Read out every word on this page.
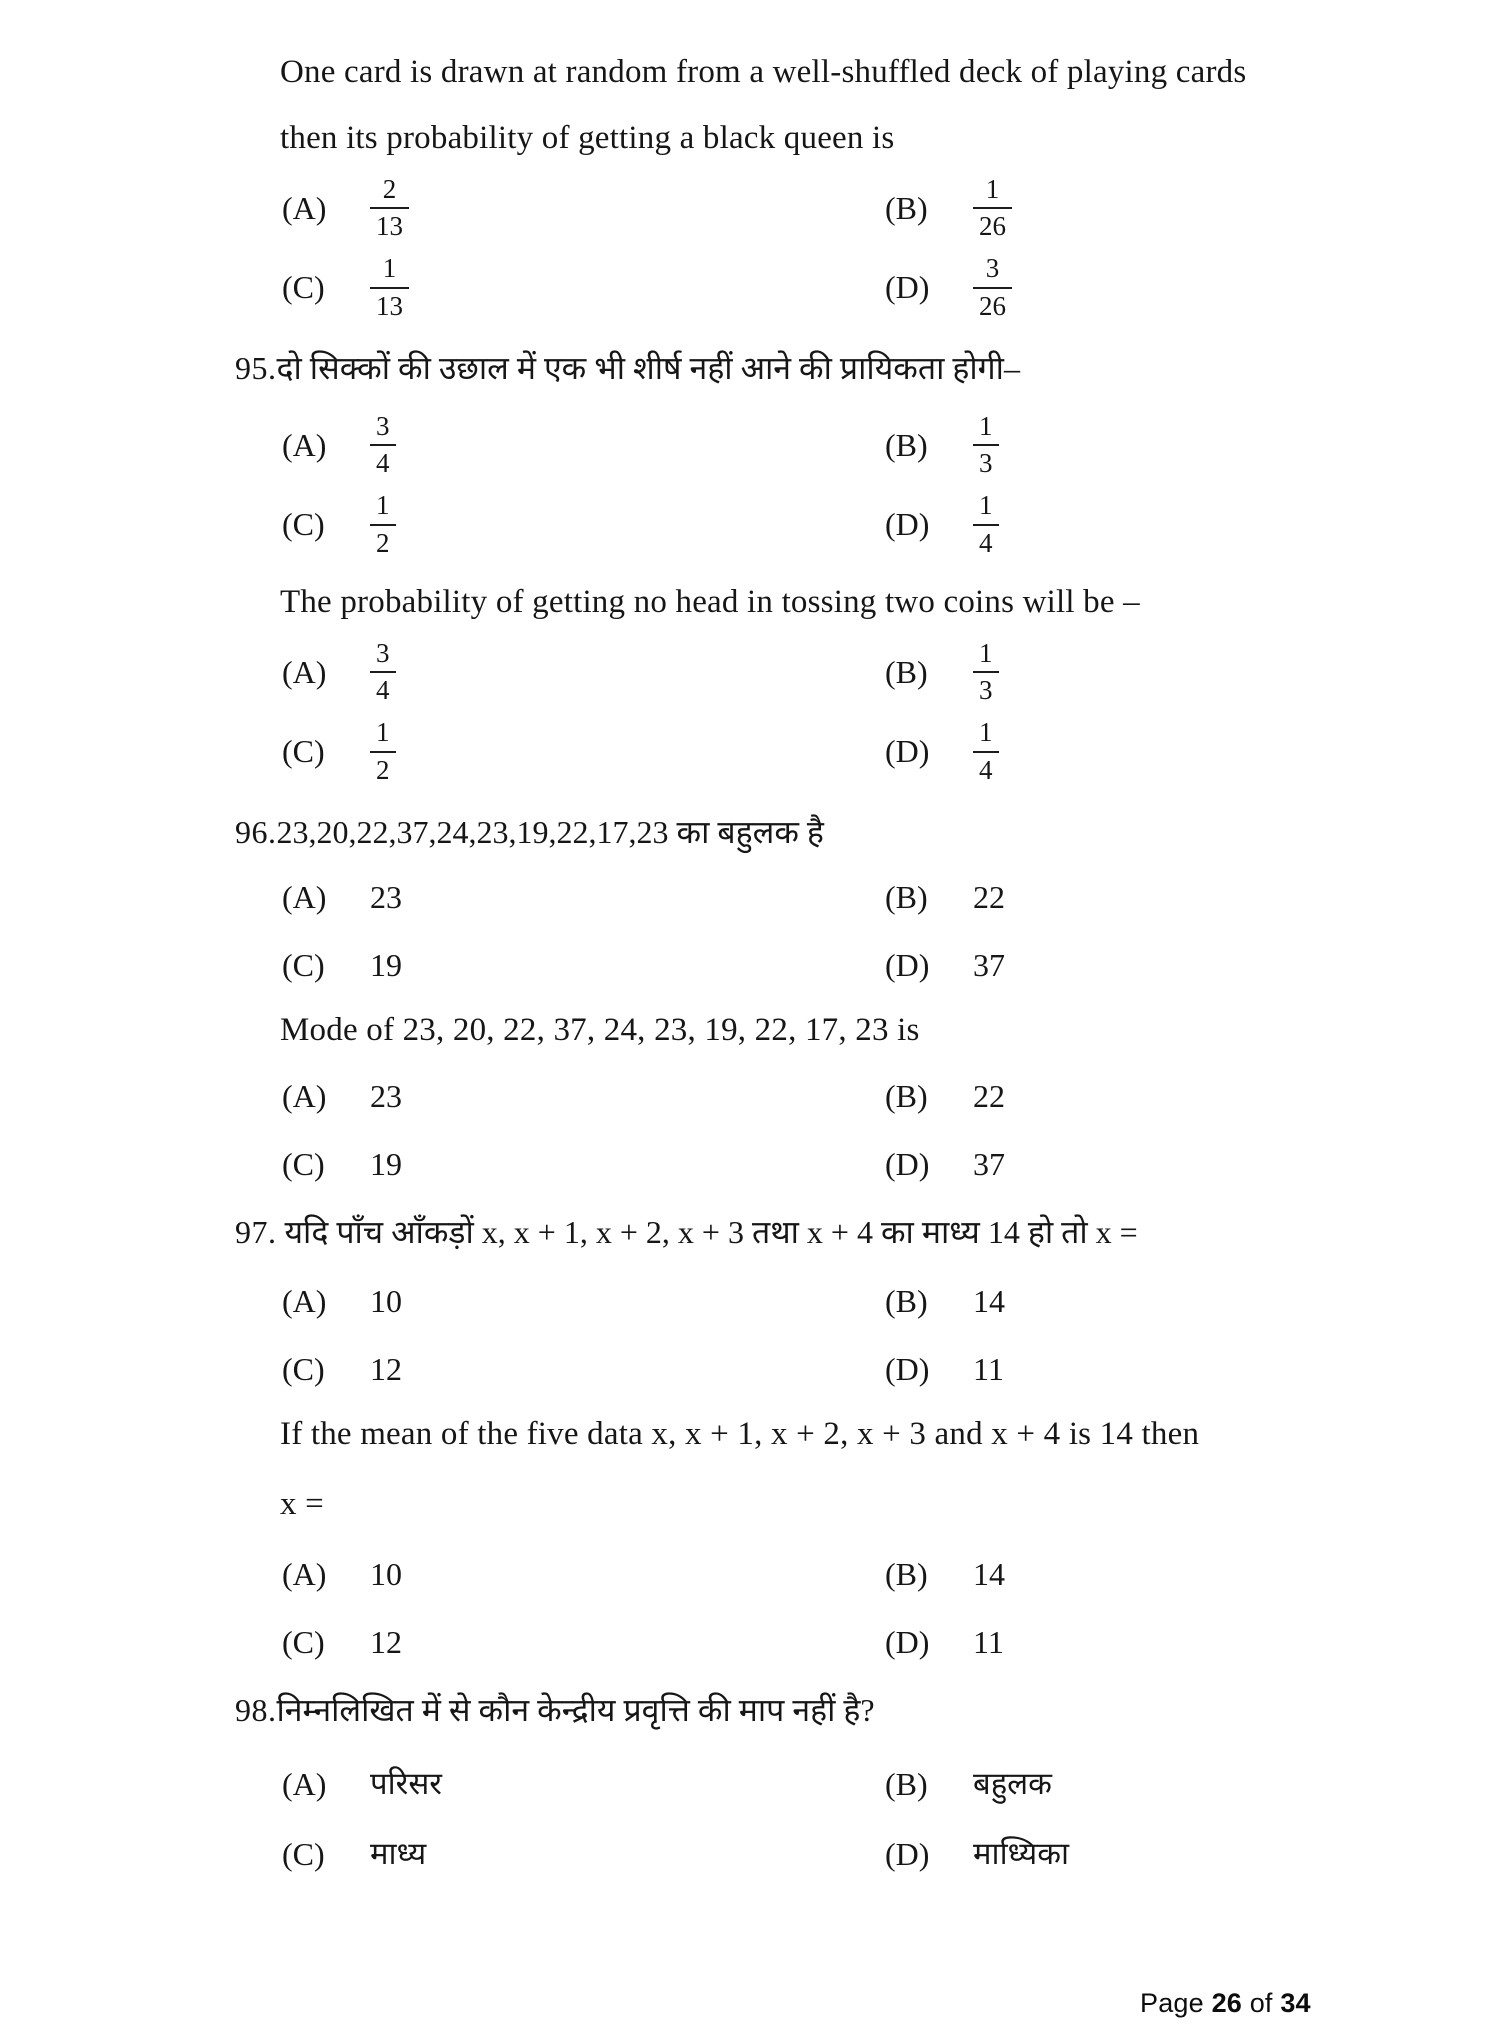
One card is drawn at random from a well-shuffled deck of playing cards

then its probability of getting a black queen is

(A)	$\frac{2}{13}$	(B)	$\frac{1}{26}$
(C)	$\frac{1}{13}$	(D)	$\frac{3}{26}$

95.दो सिक्कों की उछाल में एक भी शीर्ष नहीं आने की प्रायिकता होगी–

(A)	$\frac{3}{4}$	(B)	$\frac{1}{3}$
(C)	$\frac{1}{2}$	(D)	$\frac{1}{4}$

The probability of getting no head in tossing two coins will be –

(A)	$\frac{3}{4}$	(B)	$\frac{1}{3}$
(C)	$\frac{1}{2}$	(D)	$\frac{1}{4}$

96.23,20,22,37,24,23,19,22,17,23 का बहुलक है

(A)	23	(B)	22
(C)	19	(D)	37

Mode of 23, 20, 22, 37, 24, 23, 19, 22, 17, 23 is

(A)	23	(B)	22
(C)	19	(D)	37

97. यदि पाँच आँकड़ों x, x + 1, x + 2, x + 3 तथा x + 4 का माध्य 14 हो तो x =

(A)	10	(B)	14
(C)	12	(D)	11

If the mean of the five data x, x + 1, x + 2, x + 3 and x + 4 is 14 then

x =

(A)	10	(B)	14
(C)	12	(D)	11

98.निम्नलिखित में से कौन केन्द्रीय प्रवृत्ति की माप नहीं है?

(A)	परिसर	(B)	बहुलक
(C)	माध्य	(D)	माध्यिका
Page 26 of 34
